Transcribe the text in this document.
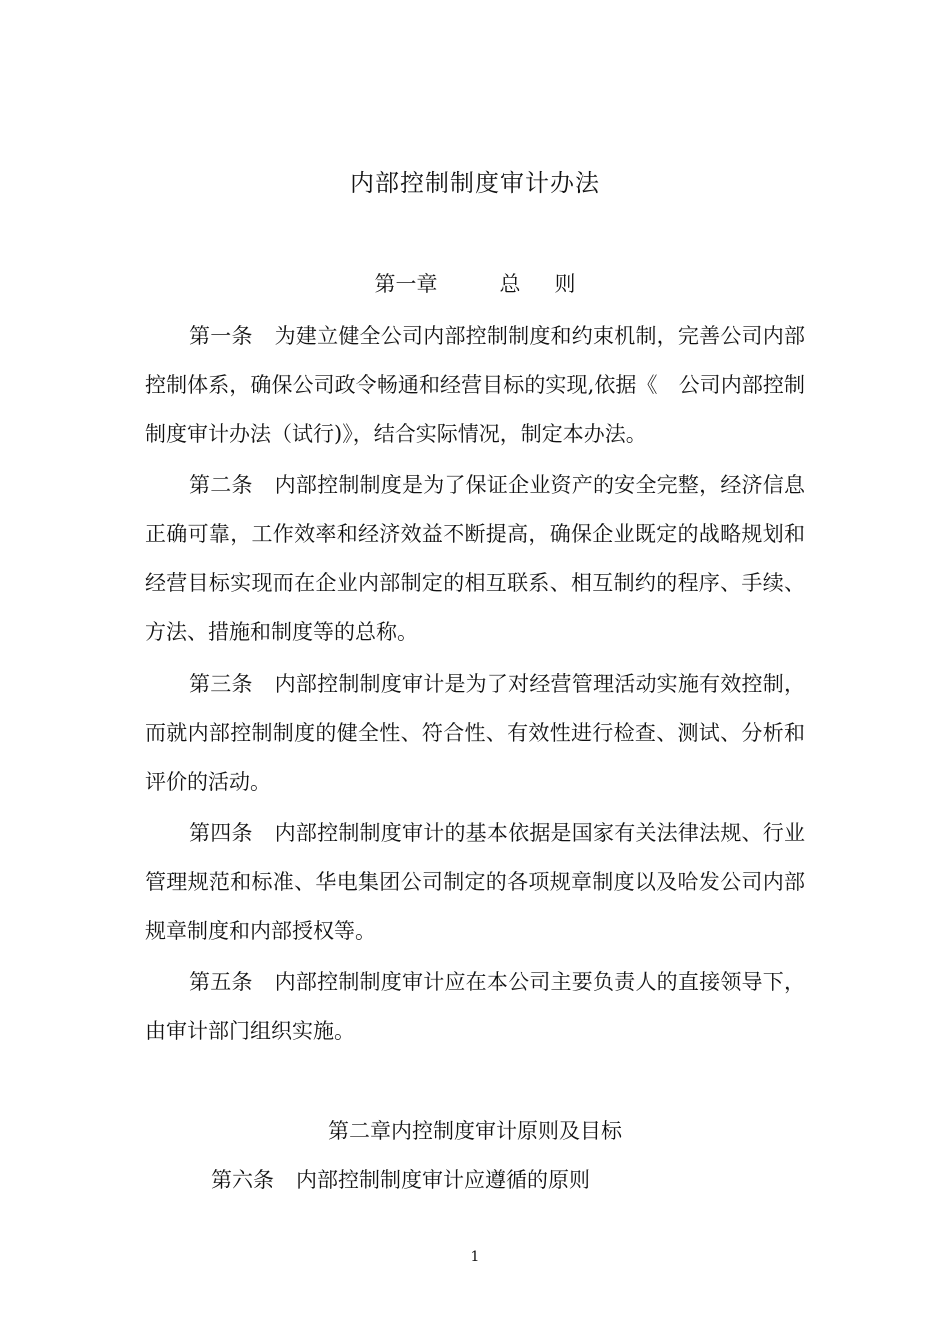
内部控制制度审计办法
第一章	总 则
第一条 为建立健全公司内部控制制度和约束机制，完善公司内部控制体系，确保公司政令畅通和经营目标的实现,依据《　公司内部控制制度审计办法（试行)》，结合实际情况，制定本办法。
第二条 内部控制制度是为了保证企业资产的安全完整，经济信息正确可靠，工作效率和经济效益不断提高，确保企业既定的战略规划和经营目标实现而在企业内部制定的相互联系、相互制约的程序、手续、方法、措施和制度等的总称。
第三条 内部控制制度审计是为了对经营管理活动实施有效控制，而就内部控制制度的健全性、符合性、有效性进行检查、测试、分析和评价的活动。
第四条 内部控制制度审计的基本依据是国家有关法律法规、行业管理规范和标准、华电集团公司制定的各项规章制度以及哈发公司内部规章制度和内部授权等。
第五条 内部控制制度审计应在本公司主要负责人的直接领导下，由审计部门组织实施。
第二章内控制度审计原则及目标
第六条 内部控制制度审计应遵循的原则
1
